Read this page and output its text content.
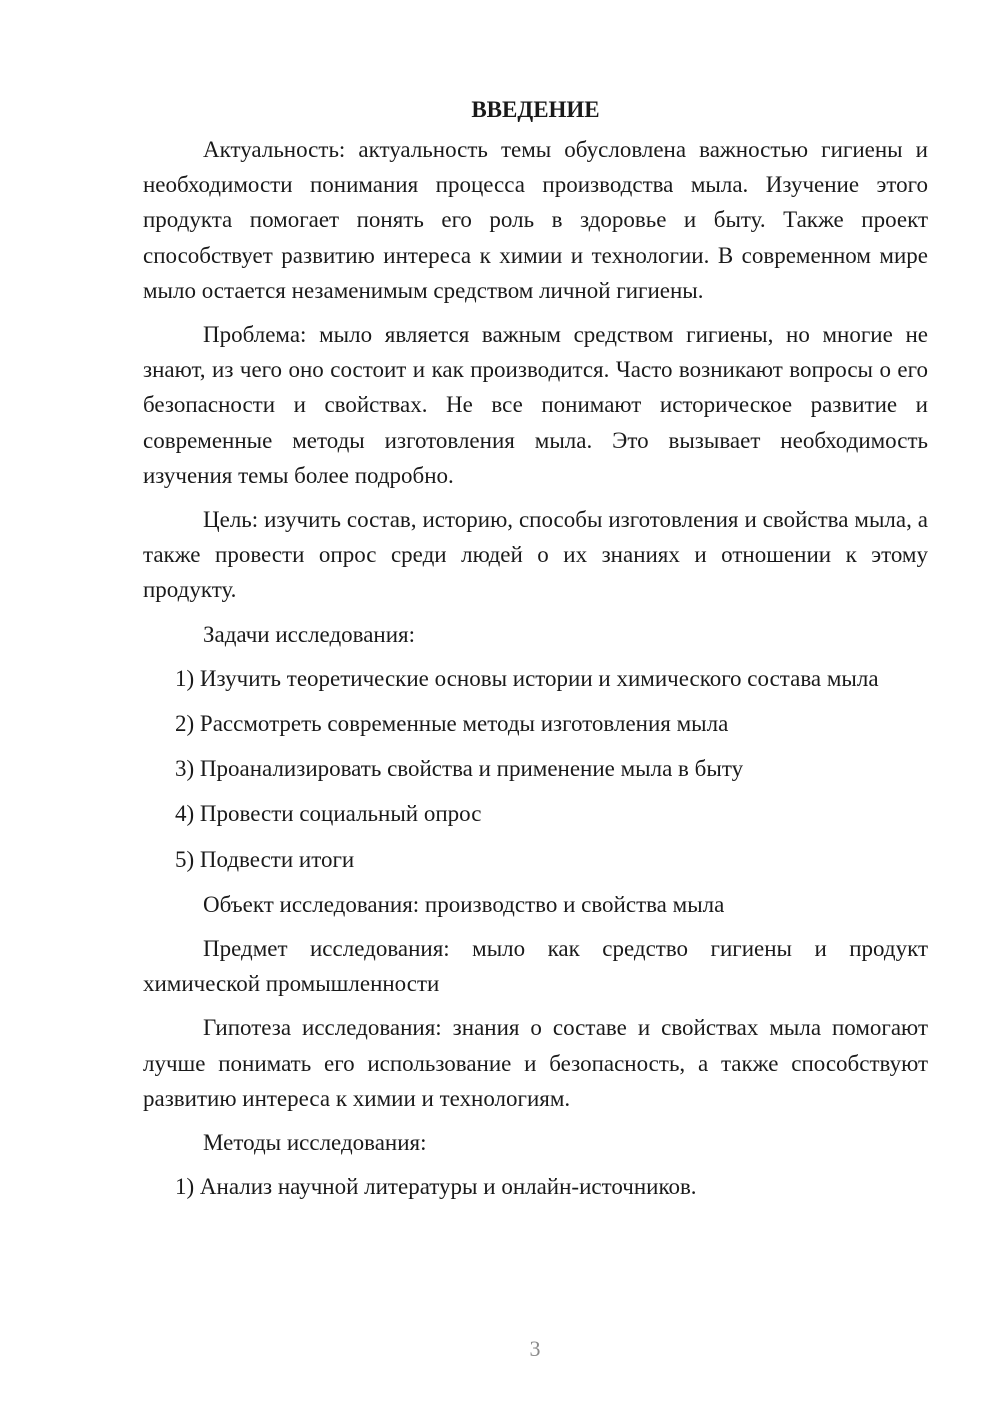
ВВЕДЕНИЕ

Актуальность: актуальность темы обусловлена важностью гигиены и необходимости понимания процесса производства мыла. Изучение этого продукта помогает понять его роль в здоровье и быту. Также проект способствует развитию интереса к химии и технологии. В современном мире мыло остается незаменимым средством личной гигиены.

Проблема: мыло является важным средством гигиены, но многие не знают, из чего оно состоит и как производится. Часто возникают вопросы о его безопасности и свойствах. Не все понимают историческое развитие и современные методы изготовления мыла. Это вызывает необходимость изучения темы более подробно.

Цель: изучить состав, историю, способы изготовления и свойства мыла, а также провести опрос среди людей о их знаниях и отношении к этому продукту.

Задачи исследования:

1) Изучить теоретические основы истории и химического состава мыла

2) Рассмотреть современные методы изготовления мыла

3) Проанализировать свойства и применение мыла в быту

4) Провести социальный опрос

5) Подвести итоги

Объект исследования: производство и свойства мыла

Предмет исследования: мыло как средство гигиены и продукт химической промышленности

Гипотеза исследования: знания о составе и свойствах мыла помогают лучше понимать его использование и безопасность, а также способствуют развитию интереса к химии и технологиям.

Методы исследования:

1) Анализ научной литературы и онлайн-источников.

3
